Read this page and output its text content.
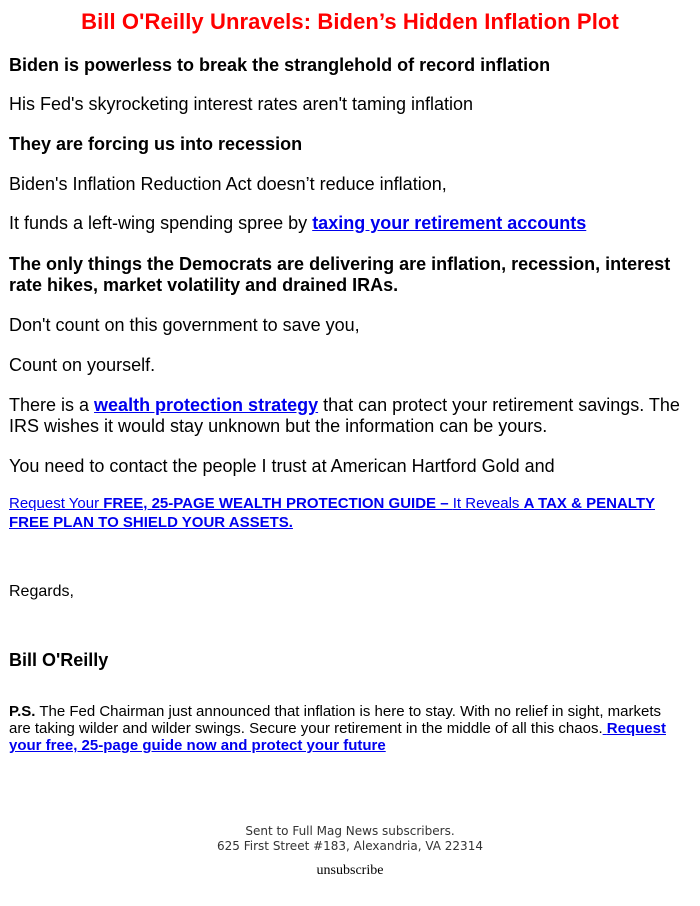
Bill O'Reilly Unravels: Biden’s Hidden Inflation Plot
Biden is powerless to break the stranglehold of record inflation
His Fed's skyrocketing interest rates aren't taming inflation
They are forcing us into recession
Biden's Inflation Reduction Act doesn’t reduce inflation,
It funds a left-wing spending spree by taxing your retirement accounts
The only things the Democrats are delivering are inflation, recession, interest rate hikes, market volatility and drained IRAs.
Don't count on this government to save you,
Count on yourself.
There is a wealth protection strategy that can protect your retirement savings. The IRS wishes it would stay unknown but the information can be yours.
You need to contact the people I trust at American Hartford Gold and
Request Your FREE, 25-PAGE WEALTH PROTECTION GUIDE – It Reveals A TAX & PENALTY FREE PLAN TO SHIELD YOUR ASSETS.
Regards,
Bill O'Reilly
P.S. The Fed Chairman just announced that inflation is here to stay. With no relief in sight, markets are taking wilder and wilder swings. Secure your retirement in the middle of all this chaos. Request your free, 25-page guide now and protect your future
Sent to Full Mag News subscribers.
625 First Street #183, Alexandria, VA 22314
unsubscribe
